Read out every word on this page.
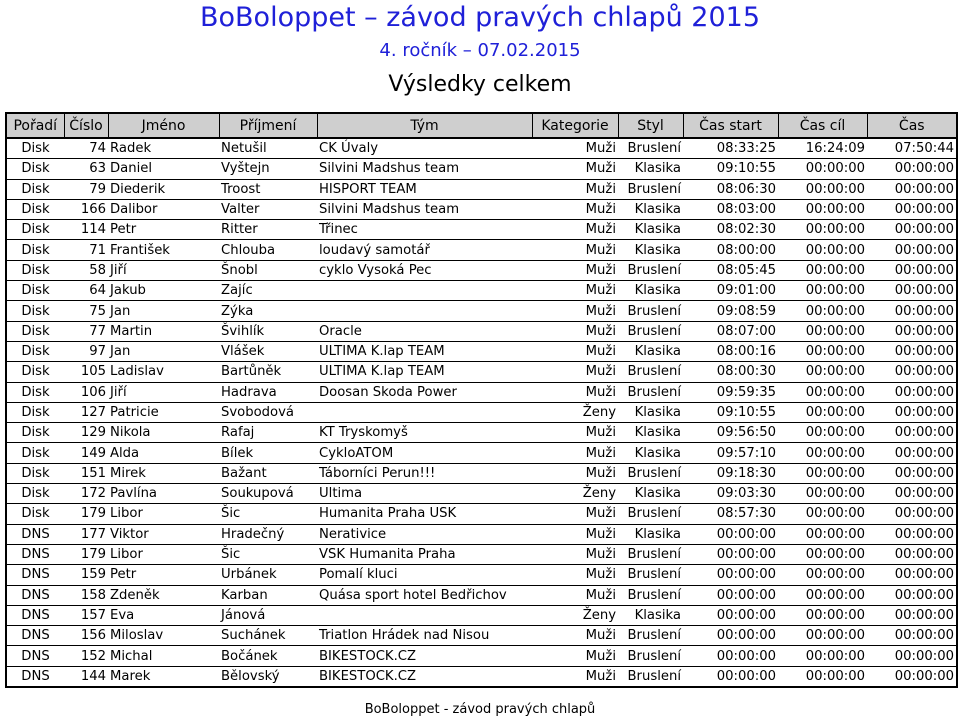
BoBoloppet – závod pravých chlapů 2015
4. ročník – 07.02.2015
Výsledky celkem
Pořadí	Číslo	Jméno	Příjmení	Tým	Kategorie	Styl	Čas start	Čas cíl	Čas
Disk	74	Radek	Netušil	CK Úvaly	Muži	Bruslení	08:33:25	16:24:09	07:50:44
Disk	63	Daniel	Vyštejn	Silvini Madshus team	Muži	Klasika	09:10:55	00:00:00	00:00:00
Disk	79	Diederik	Troost	HISPORT TEAM	Muži	Bruslení	08:06:30	00:00:00	00:00:00
Disk	166	Dalibor	Valter	Silvini Madshus team	Muži	Klasika	08:03:00	00:00:00	00:00:00
Disk	114	Petr	Ritter	Třinec	Muži	Klasika	08:02:30	00:00:00	00:00:00
Disk	71	František	Chlouba	loudavý samotář	Muži	Klasika	08:00:00	00:00:00	00:00:00
Disk	58	Jiří	Šnobl	cyklo Vysoká Pec	Muži	Bruslení	08:05:45	00:00:00	00:00:00
Disk	64	Jakub	Zajíc		Muži	Klasika	09:01:00	00:00:00	00:00:00
Disk	75	Jan	Zýka		Muži	Bruslení	09:08:59	00:00:00	00:00:00
Disk	77	Martin	Švihlík	Oracle	Muži	Bruslení	08:07:00	00:00:00	00:00:00
Disk	97	Jan	Vlášek	ULTIMA K.lap TEAM	Muži	Klasika	08:00:16	00:00:00	00:00:00
Disk	105	Ladislav	Bartůněk	ULTIMA K.lap TEAM	Muži	Bruslení	08:00:30	00:00:00	00:00:00
Disk	106	Jiří	Hadrava	Doosan Skoda Power	Muži	Bruslení	09:59:35	00:00:00	00:00:00
Disk	127	Patricie	Svobodová		Ženy	Klasika	09:10:55	00:00:00	00:00:00
Disk	129	Nikola	Rafaj	KT Tryskomyš	Muži	Klasika	09:56:50	00:00:00	00:00:00
Disk	149	Alda	Bílek	CykloATOM	Muži	Klasika	09:57:10	00:00:00	00:00:00
Disk	151	Mirek	Bažant	Táborníci Perun!!!	Muži	Bruslení	09:18:30	00:00:00	00:00:00
Disk	172	Pavlína	Soukupová	Ultima	Ženy	Klasika	09:03:30	00:00:00	00:00:00
Disk	179	Libor	Šic	Humanita Praha USK	Muži	Bruslení	08:57:30	00:00:00	00:00:00
DNS	177	Viktor	Hradečný	Nerativice	Muži	Klasika	00:00:00	00:00:00	00:00:00
DNS	179	Libor	Šic	VSK Humanita Praha	Muži	Bruslení	00:00:00	00:00:00	00:00:00
DNS	159	Petr	Urbánek	Pomalí kluci	Muži	Bruslení	00:00:00	00:00:00	00:00:00
DNS	158	Zdeněk	Karban	Quása sport hotel Bedřichov	Muži	Bruslení	00:00:00	00:00:00	00:00:00
DNS	157	Eva	Jánová		Ženy	Klasika	00:00:00	00:00:00	00:00:00
DNS	156	Miloslav	Suchánek	Triatlon Hrádek nad Nisou	Muži	Bruslení	00:00:00	00:00:00	00:00:00
DNS	152	Michal	Bočánek	BIKESTOCK.CZ	Muži	Bruslení	00:00:00	00:00:00	00:00:00
DNS	144	Marek	Bělovský	BIKESTOCK.CZ	Muži	Bruslení	00:00:00	00:00:00	00:00:00
BoBoloppet - závod pravých chlapů
